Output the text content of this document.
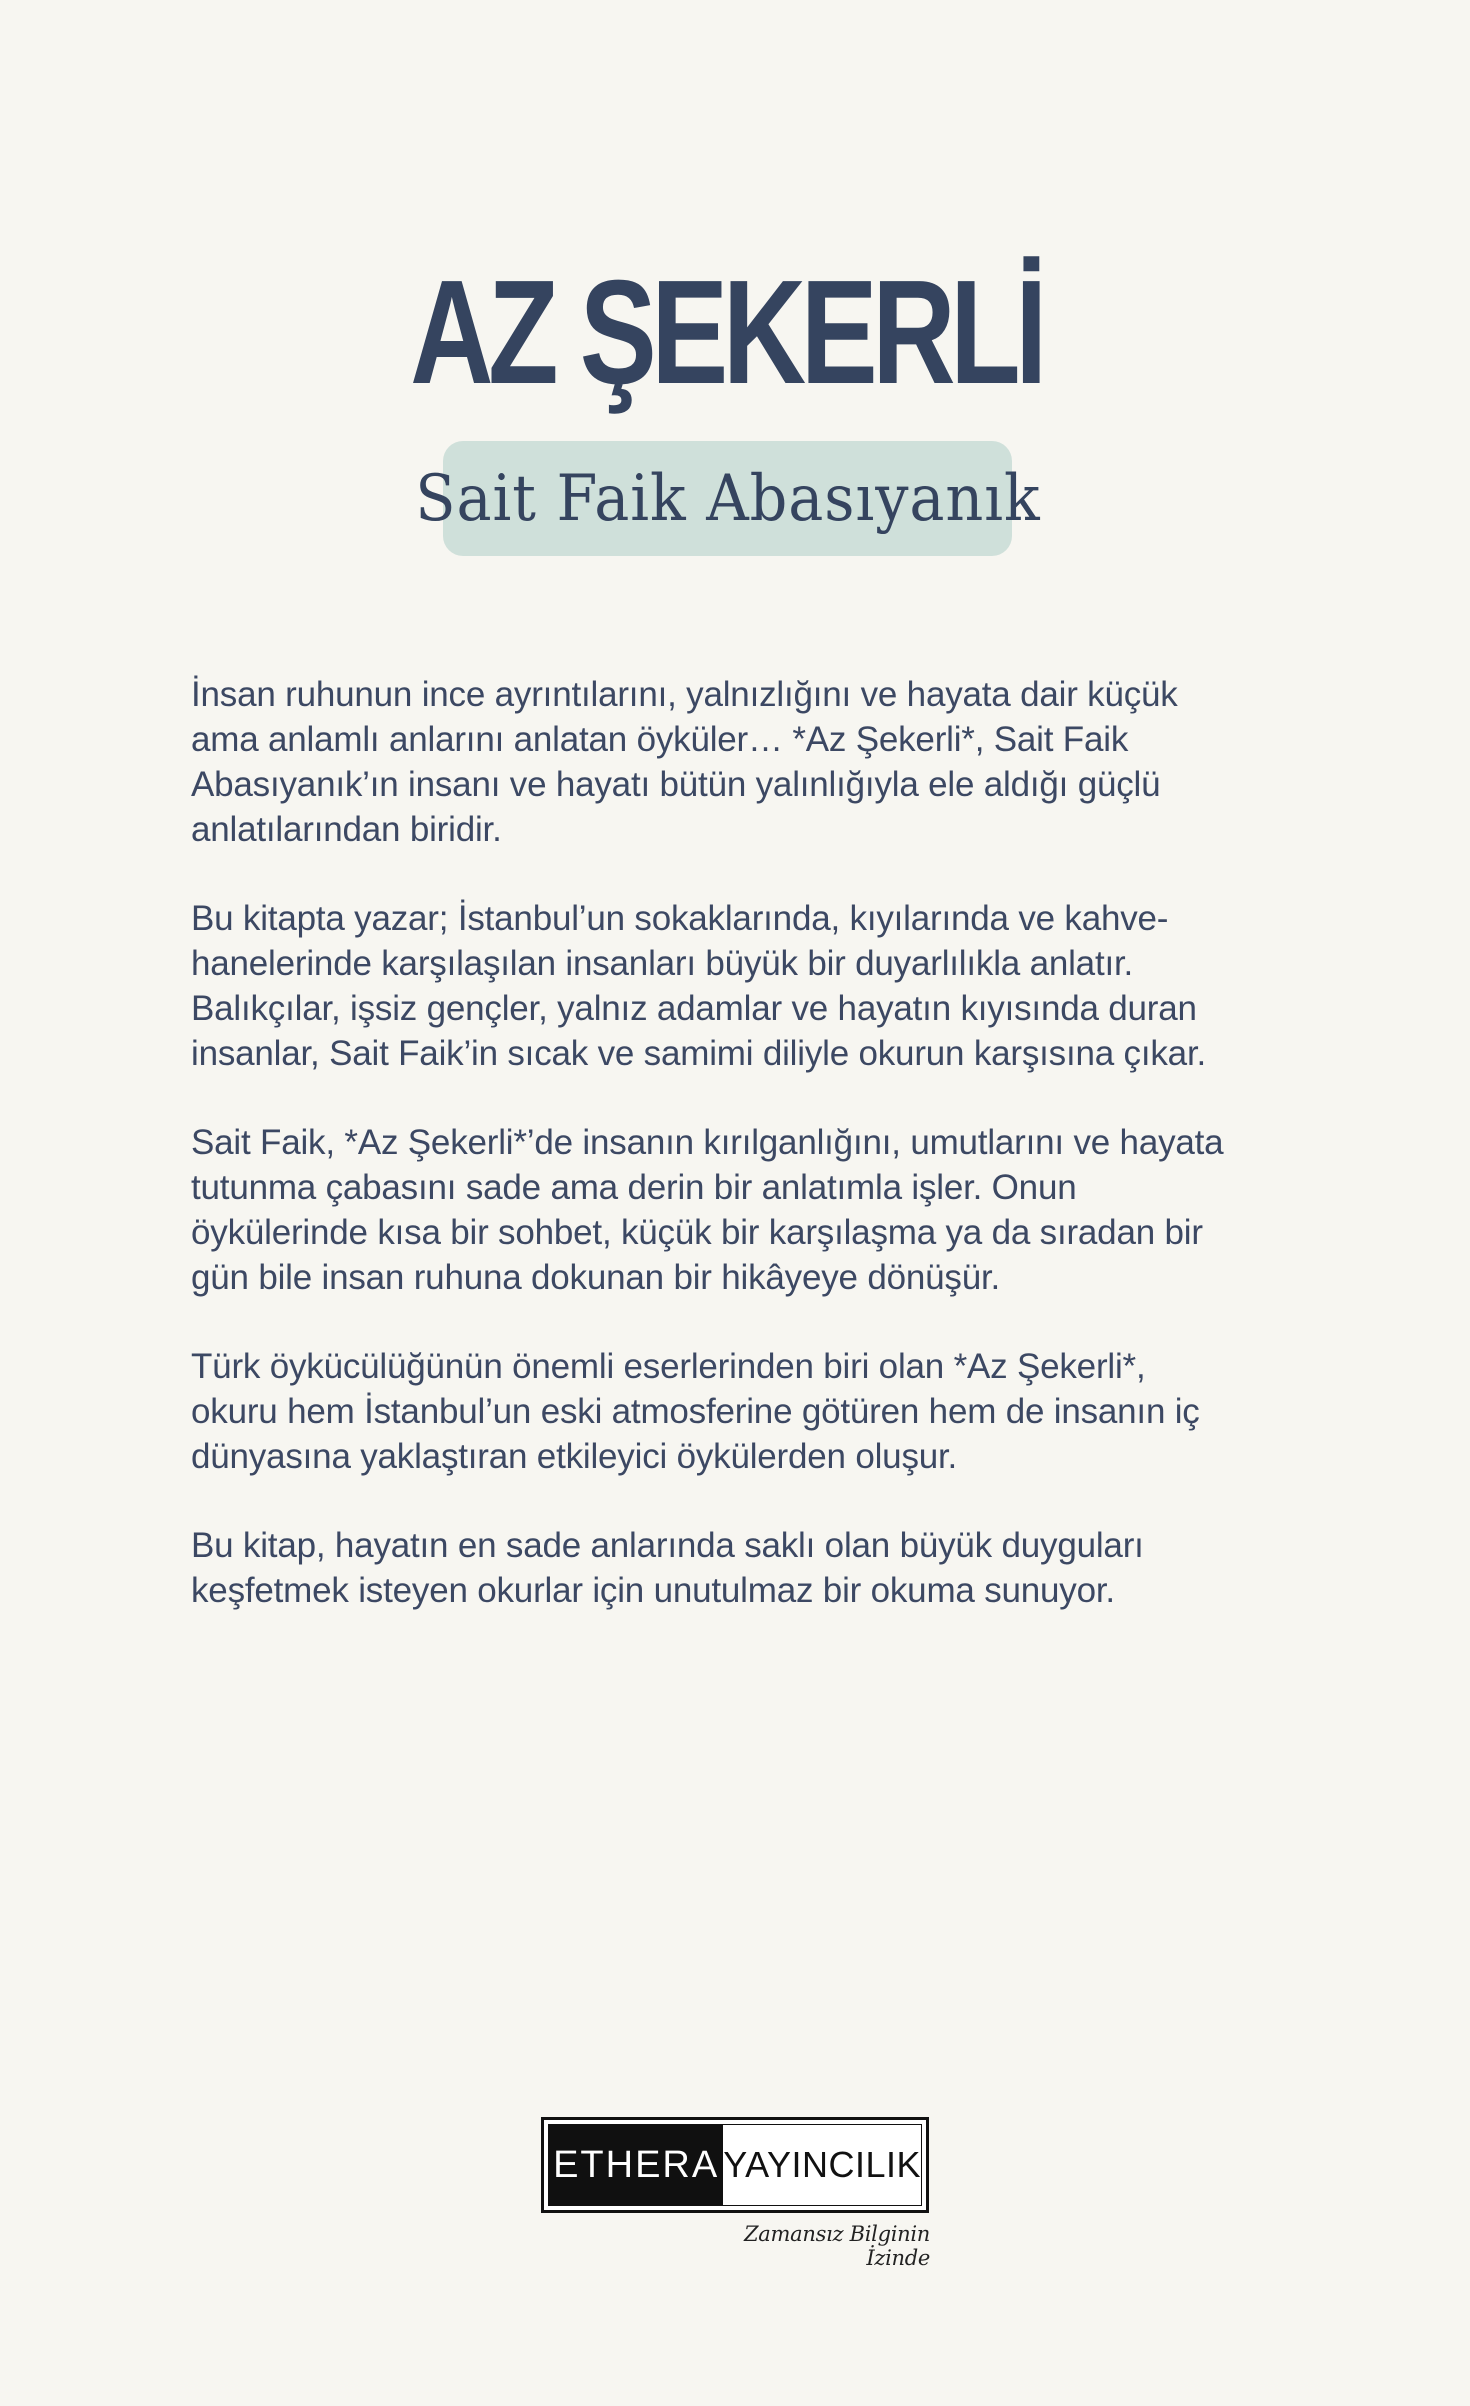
AZ ŞEKERLİ
Sait Faik Abasıyanık

İnsan ruhunun ince ayrıntılarını, yalnızlığını ve hayata dair küçük
ama anlamlı anlarını anlatan öyküler… *Az Şekerli*, Sait Faik
Abasıyanık’ın insanı ve hayatı bütün yalınlığıyla ele aldığı güçlü
anlatılarından biridir.

Bu kitapta yazar; İstanbul’un sokaklarında, kıyılarında ve kahve-
hanelerinde karşılaşılan insanları büyük bir duyarlılıkla anlatır.
Balıkçılar, işsiz gençler, yalnız adamlar ve hayatın kıyısında duran
insanlar, Sait Faik’in sıcak ve samimi diliyle okurun karşısına çıkar.

Sait Faik, *Az Şekerli*’de insanın kırılganlığını, umutlarını ve hayata
tutunma çabasını sade ama derin bir anlatımla işler. Onun
öykülerinde kısa bir sohbet, küçük bir karşılaşma ya da sıradan bir
gün bile insan ruhuna dokunan bir hikâyeye dönüşür.

Türk öykücülüğünün önemli eserlerinden biri olan *Az Şekerli*,
okuru hem İstanbul’un eski atmosferine götüren hem de insanın iç
dünyasına yaklaştıran etkileyici öykülerden oluşur.

Bu kitap, hayatın en sade anlarında saklı olan büyük duyguları
keşfetmek isteyen okurlar için unutulmaz bir okuma sunuyor.

ETHERA YAYINCILIK
Zamansız Bilginin İzinde
